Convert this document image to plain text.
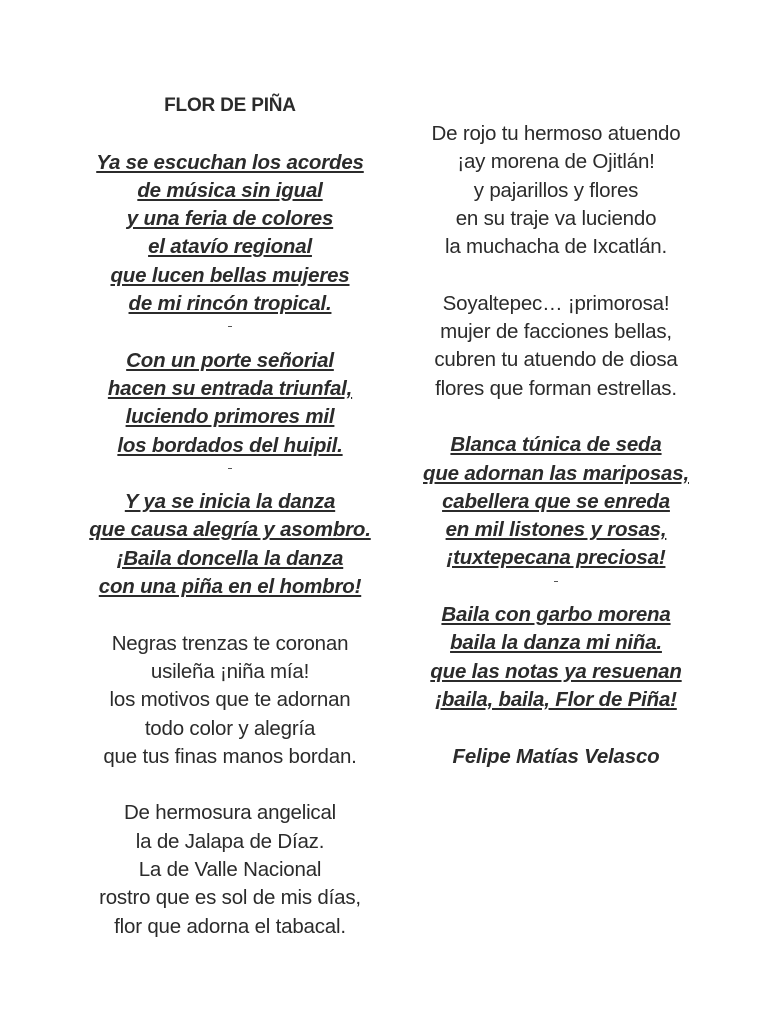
FLOR DE PIÑA
Ya se escuchan los acordes
de música sin igual
y una feria de colores
el atavío regional
que lucen bellas mujeres
de mi rincón tropical.
Con un porte señorial
hacen su entrada triunfal,
luciendo primores mil
los bordados del huipil.
Y ya se inicia la danza
que causa alegría y asombro.
¡Baila doncella la danza
con una piña en el hombro!
Negras trenzas te coronan
usileña ¡niña mía!
los motivos que te adornan
todo color y alegría
que tus finas manos bordan.
De hermosura angelical
la de Jalapa de Díaz.
La de Valle Nacional
rostro que es sol de mis días,
flor que adorna el tabacal.
De rojo tu hermoso atuendo
¡ay morena de Ojitlán!
y pajarillos y flores
en su traje va luciendo
la muchacha de Ixcatlán.
Soyaltepec… ¡primorosa!
mujer de facciones bellas,
cubren tu atuendo de diosa
flores que forman estrellas.
Blanca túnica de seda
que adornan las mariposas,
cabellera que se enreda
en mil listones y rosas,
¡tuxtepecana preciosa!
Baila con garbo morena
baila la danza mi niña.
que las notas ya resuenan
¡baila, baila, Flor de Piña!
Felipe Matías Velasco
